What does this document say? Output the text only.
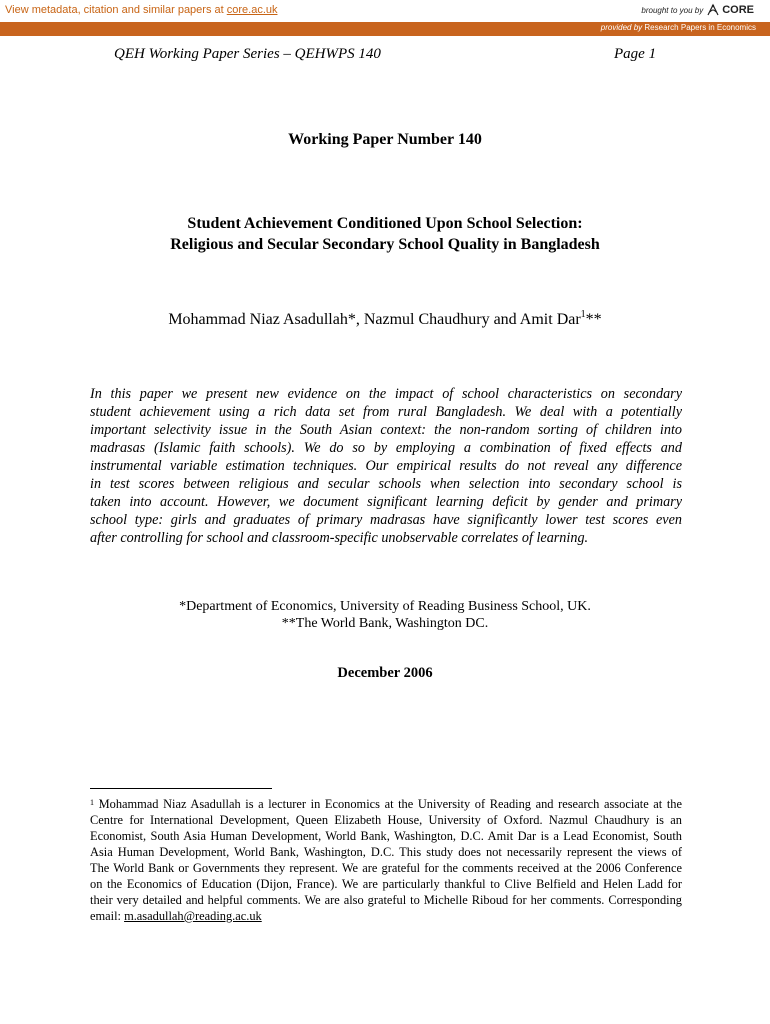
View metadata, citation and similar papers at core.ac.uk	brought to you by CORE
provided by Research Papers in Economics
QEH Working Paper Series – QEHWPS 140	Page 1
Working Paper Number 140
Student Achievement Conditioned Upon School Selection:
Religious and Secular Secondary School Quality in Bangladesh
Mohammad Niaz Asadullah*, Nazmul Chaudhury and Amit Dar$^1$**
In this paper we present new evidence on the impact of school characteristics on secondary
student achievement using a rich data set from rural Bangladesh. We deal with a potentially
important selectivity issue in the South Asian context: the non-random sorting of children into
madrasas (Islamic faith schools). We do so by employing a combination of fixed effects and
instrumental variable estimation techniques. Our empirical results do not reveal any difference
in test scores between religious and secular schools when selection into secondary school is
taken into account. However, we document significant learning deficit by gender and primary
school type: girls and graduates of primary madrasas have significantly lower test scores even
after controlling for school and classroom-specific unobservable correlates of learning.
*Department of Economics, University of Reading Business School, UK.
**The World Bank, Washington DC.
December 2006
$^1$ Mohammad Niaz Asadullah is a lecturer in Economics at the University of Reading and research associate at the
Centre for International Development, Queen Elizabeth House, University of Oxford. Nazmul Chaudhury is an
Economist, South Asia Human Development, World Bank, Washington, D.C. Amit Dar is a Lead Economist, South
Asia Human Development, World Bank, Washington, D.C. This study does not necessarily represent the views of
The World Bank or Governments they represent. We are grateful for the comments received at the 2006 Conference
on the Economics of Education (Dijon, France). We are particularly thankful to Clive Belfield and Helen Ladd for
their very detailed and helpful comments. We are also grateful to Michelle Riboud for her comments. Corresponding
email: m.asadullah@reading.ac.uk
